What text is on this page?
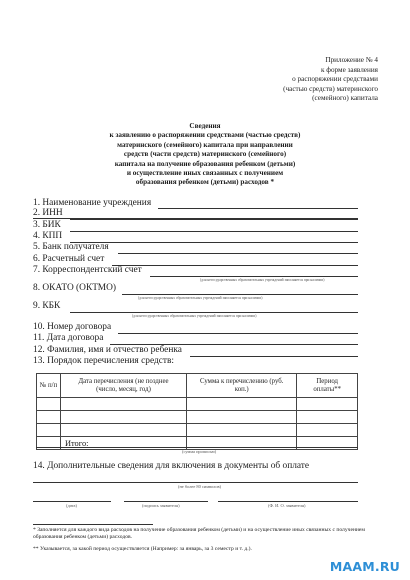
Приложение № 4
к форме заявления
о распоряжении средствами
(частью средств) материнского
(семейного) капитала
Сведения
к заявлению о распоряжении средствами (частью средств)
материнского (семейного) капитала при направлении
средств (части средств) материнского (семейного)
капитала на получение образования ребенком (детьми)
и осуществление иных связанных с получением
образования ребенком (детьми) расходов *
1. Наименование учреждения
2. ИНН
3. БИК
4. КПП
5. Банк получателя
6. Расчетный счет
7. Корреспондентский счет
(для негосударственных образовательных учреждений заполняется при наличии)
8. ОКАТО (ОКТМО)
(для негосударственных образовательных учреждений заполняется при наличии)
9. КБК
(для негосударственных образовательных учреждений заполняется при наличии)
10. Номер договора
11. Дата договора
12. Фамилия, имя и отчество ребенка
13. Порядок перечисления средств:
№ п/п	Дата перечисления (не позднее (число, месяц, год)	Сумма к перечислению (руб. коп.)	Период оплаты**

	Итого:		
(сумма прописью)
14. Дополнительные сведения для включения в документы об оплате
(не более 80 символов)
(дата)	(подпись заявителя)	(Ф. И. О. заявителя)
* Заполняется для каждого вида расходов на получение образования ребенком (детьми) и на осуществление иных связанных с получением образования ребенком (детьми) расходов.
** Указывается, за какой период осуществляется (Например: за январь, за 3 семестр и т. д.).
MAAM.RU
